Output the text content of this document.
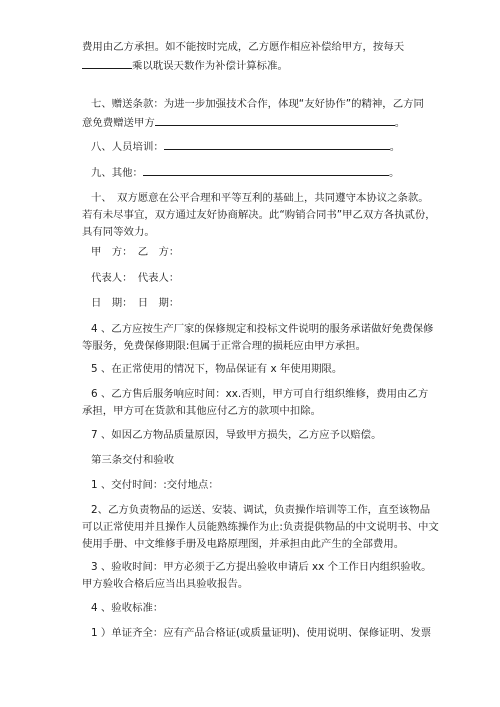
费用由乙方承担。如不能按时完成，乙方愿作相应补偿给甲方，按每天
乘以耽误天数作为补偿计算标准。
七、赠送条款：为进一步加强技术合作，体现“友好协作”的精神，乙方同
意免费赠送甲方	。
八、人员培训：	。
九、其他：	。
十、　双方愿意在公平合理和平等互利的基础上，共同遵守本协议之条款。
若有未尽事宜，双方通过友好协商解决。此“购销合同书”甲乙双方各执贰份，
具有同等效力。
甲　方：　乙　方：
代表人：　代表人：
日　期：　日　期：
4 、乙方应按生产厂家的保修规定和投标文件说明的服务承诺做好免费保修
等服务，免费保修期限:但属于正常合理的损耗应由甲方承担。
5 、在正常使用的情况下，物品保证有 x 年使用期限。
6 、乙方售后服务响应时间：xx.否则，甲方可自行组织维修，费用由乙方
承担，甲方可在货款和其他应付乙方的款项中扣除。
7 、如因乙方物品质量原因，导致甲方损失，乙方应予以赔偿。
第三条交付和验收
1 、交付时间：:交付地点：
2、乙方负责物品的运送、安装、调试，负责操作培训等工作，直至该物品
可以正常使用并且操作人员能熟练操作为止:负责提供物品的中文说明书、中文
使用手册、中文维修手册及电路原理图，并承担由此产生的全部费用。
3 、验收时间：甲方必须于乙方提出验收申请后 xx 个工作日内组织验收。
甲方验收合格后应当出具验收报告。
4 、验收标准：
1 ）单证齐全：应有产品合格证(或质量证明)、使用说明、保修证明、发票
